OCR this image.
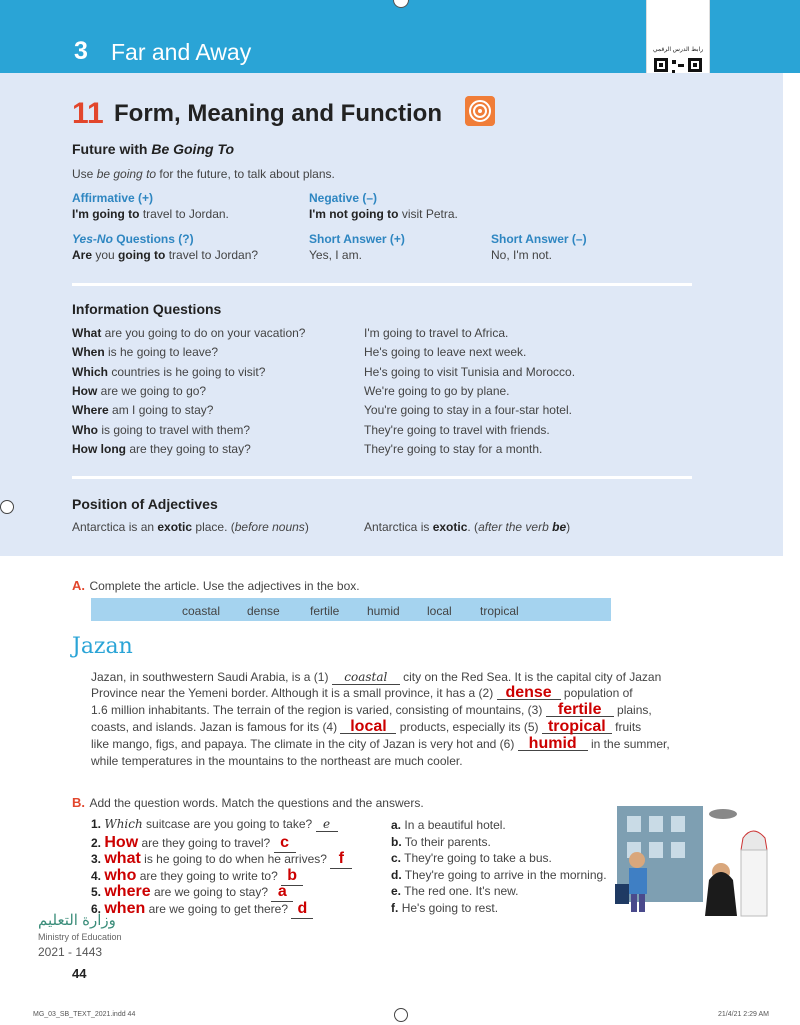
3 Far and Away	رابط الدرس الرقمي
11 Form, Meaning and Function
Future with Be Going To
Use be going to for the future, to talk about plans.
Affirmative (+)
I'm going to travel to Jordan.
Negative (–)
I'm not going to visit Petra.
Yes-No Questions (?)
Are you going to travel to Jordan?
Short Answer (+)
Yes, I am.
Short Answer (–)
No, I'm not.
Information Questions
What are you going to do on your vacation?	I'm going to travel to Africa.
When is he going to leave?	He's going to leave next week.
Which countries is he going to visit?	He's going to visit Tunisia and Morocco.
How are we going to go?	We're going to go by plane.
Where am I going to stay?	You're going to stay in a four-star hotel.
Who is going to travel with them?	They're going to travel with friends.
How long are they going to stay?	They're going to stay for a month.
Position of Adjectives
Antarctica is an exotic place. (before nouns)	Antarctica is exotic. (after the verb be)
A. Complete the article. Use the adjectives in the box.
coastal dense	fertile humid local tropical
Jazan
Jazan, in southwestern Saudi Arabia, is a (1) coastal city on the Red Sea. It is the capital city of Jazan
Province near the Yemeni border. Although it is a small province, it has a (2) dense population of
1.6 million inhabitants. The terrain of the region is varied, consisting of mountains, (3) fertile plains,
coasts, and islands. Jazan is famous for its (4) local products, especially its (5) tropical fruits
like mango, figs, and papaya. The climate in the city of Jazan is very hot and (6) humid in the summer,
while temperatures in the mountains to the northeast are much cooler.
B. Add the question words. Match the questions and the answers.
1. Which suitcase are you going to take? e
2. How are they going to travel? c
3. what is he going to do when he arrives? f
4. who are they going to write to? b
5. where are we going to stay? a
6. when are we going to get there? d
a. In a beautiful hotel.
b. To their parents.
c. They're going to take a bus.
d. They're going to arrive in the morning.
e. The red one. It's new.
f. He's going to rest.
وزارة التعليم
Ministry of Education
2021 - 1443
44
MG_03_SB_TEXT_2021.indd 44	21/4/21 2:29 AM
